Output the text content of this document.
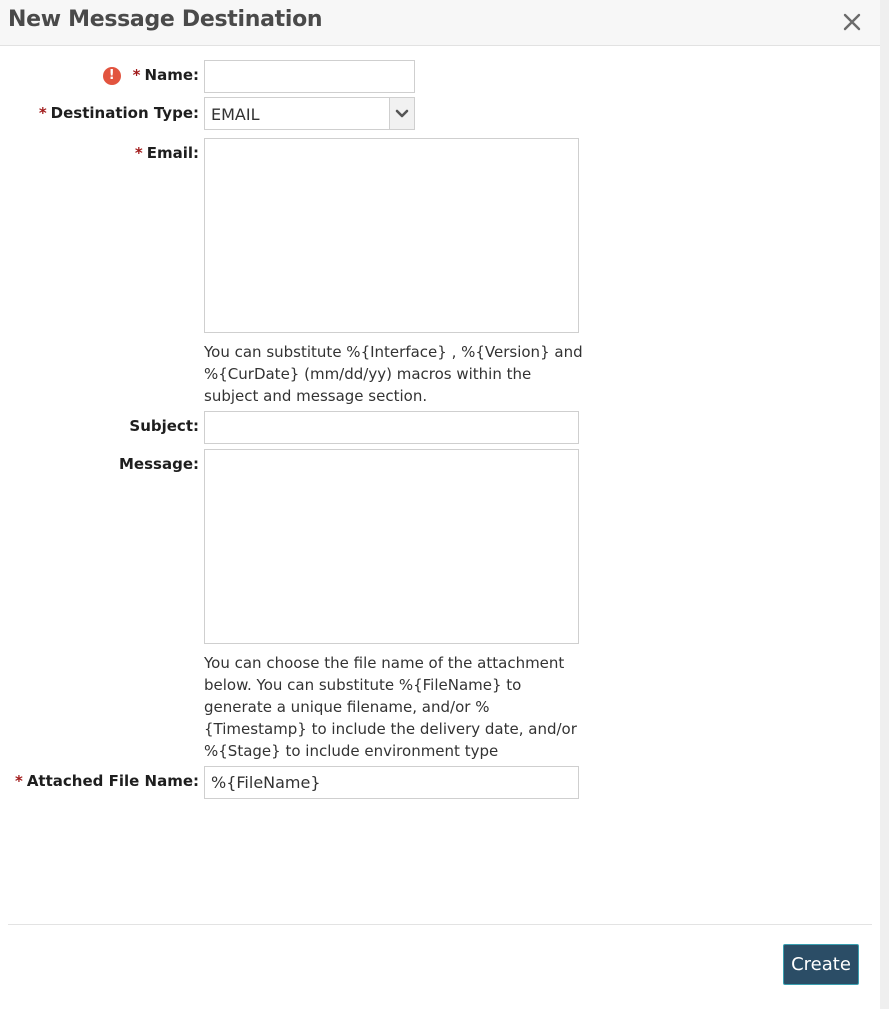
New Message Destination
! * Name:
* Destination Type: EMAIL
* Email:
You can substitute %{Interface} , %{Version} and %{CurDate} (mm/dd/yy) macros within the subject and message section.
Subject:
Message:
You can choose the file name of the attachment below. You can substitute %{FileName} to generate a unique filename, and/or %{Timestamp} to include the delivery date, and/or %{Stage} to include environment type
* Attached File Name:
%{FileName}
Create
